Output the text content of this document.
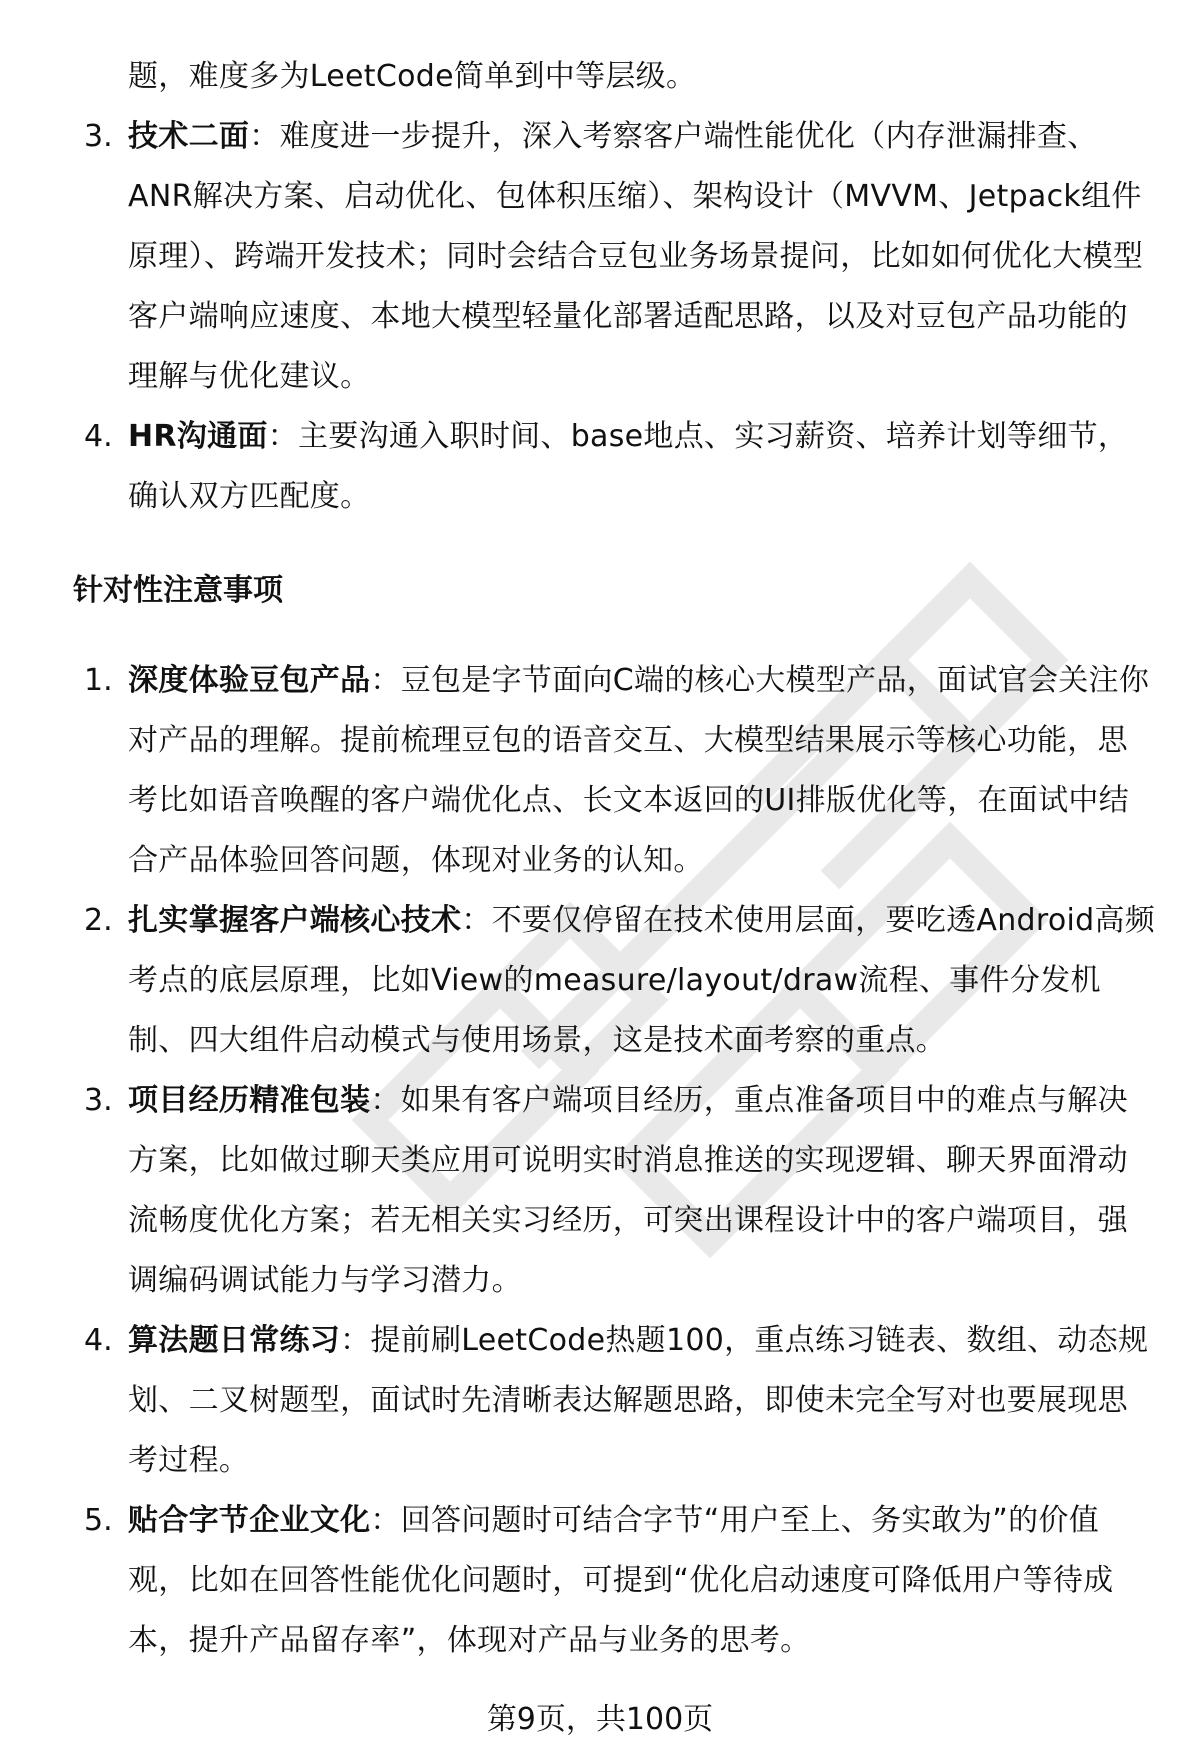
题，难度多为LeetCode简单到中等层级。
3. 技术二面：难度进一步提升，深入考察客户端性能优化（内存泄漏排查、ANR解决方案、启动优化、包体积压缩）、架构设计（MVVM、Jetpack组件原理）、跨端开发技术；同时会结合豆包业务场景提问，比如如何优化大模型客户端响应速度、本地大模型轻量化部署适配思路，以及对豆包产品功能的理解与优化建议。
4. HR沟通面：主要沟通入职时间、base地点、实习薪资、培养计划等细节，确认双方匹配度。
针对性注意事项
1. 深度体验豆包产品：豆包是字节面向C端的核心大模型产品，面试官会关注你对产品的理解。提前梳理豆包的语音交互、大模型结果展示等核心功能，思考比如语音唤醒的客户端优化点、长文本返回的UI排版优化等，在面试中结合产品体验回答问题，体现对业务的认知。
2. 扎实掌握客户端核心技术：不要仅停留在技术使用层面，要吃透Android高频考点的底层原理，比如View的measure/layout/draw流程、事件分发机制、四大组件启动模式与使用场景，这是技术面考察的重点。
3. 项目经历精准包装：如果有客户端项目经历，重点准备项目中的难点与解决方案，比如做过聊天类应用可说明实时消息推送的实现逻辑、聊天界面滑动流畅度优化方案；若无相关实习经历，可突出课程设计中的客户端项目，强调编码调试能力与学习潜力。
4. 算法题日常练习：提前刷LeetCode热题100，重点练习链表、数组、动态规划、二叉树题型，面试时先清晰表达解题思路，即使未完全写对也要展现思考过程。
5. 贴合字节企业文化：回答问题时可结合字节“用户至上、务实敢为”的价值观，比如在回答性能优化问题时，可提到“优化启动速度可降低用户等待成本，提升产品留存率”，体现对产品与业务的思考。
第9页，共100页
